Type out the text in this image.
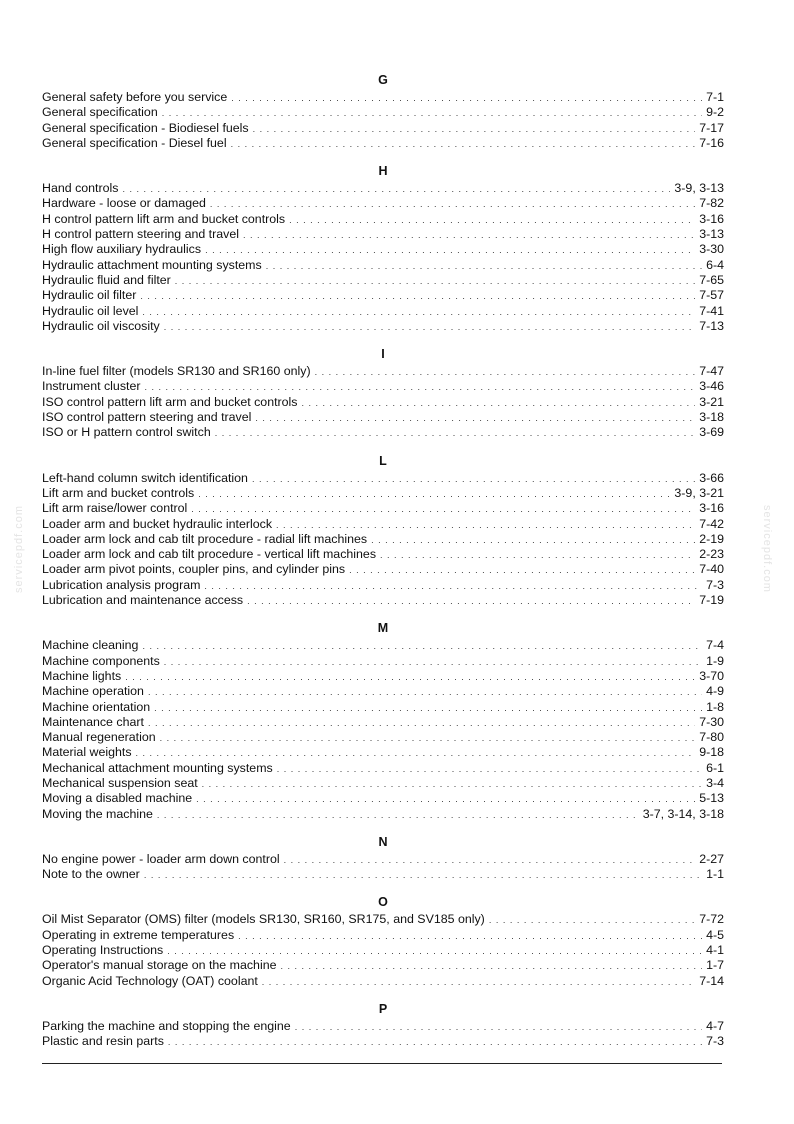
G
General safety before you service . . .	7-1
General specification . . .	9-2
General specification - Biodiesel fuels . . .	7-17
General specification - Diesel fuel . . .	7-16
H
Hand controls . . .	3-9, 3-13
Hardware - loose or damaged . . .	7-82
H control pattern lift arm and bucket controls . . .	3-16
H control pattern steering and travel . . .	3-13
High flow auxiliary hydraulics . . .	3-30
Hydraulic attachment mounting systems . . .	6-4
Hydraulic fluid and filter . . .	7-65
Hydraulic oil filter . . .	7-57
Hydraulic oil level . . .	7-41
Hydraulic oil viscosity . . .	7-13
I
In-line fuel filter (models SR130 and SR160 only) . . .	7-47
Instrument cluster . . .	3-46
ISO control pattern lift arm and bucket controls . . .	3-21
ISO control pattern steering and travel . . .	3-18
ISO or H pattern control switch . . .	3-69
L
Left-hand column switch identification . . .	3-66
Lift arm and bucket controls . . .	3-9, 3-21
Lift arm raise/lower control . . .	3-16
Loader arm and bucket hydraulic interlock . . .	7-42
Loader arm lock and cab tilt procedure - radial lift machines . . .	2-19
Loader arm lock and cab tilt procedure - vertical lift machines . . .	2-23
Loader arm pivot points, coupler pins, and cylinder pins . . .	7-40
Lubrication analysis program . . .	7-3
Lubrication and maintenance access . . .	7-19
M
Machine cleaning . . .	7-4
Machine components . . .	1-9
Machine lights . . .	3-70
Machine operation . . .	4-9
Machine orientation . . .	1-8
Maintenance chart . . .	7-30
Manual regeneration . . .	7-80
Material weights . . .	9-18
Mechanical attachment mounting systems . . .	6-1
Mechanical suspension seat . . .	3-4
Moving a disabled machine . . .	5-13
Moving the machine . . .	3-7, 3-14, 3-18
N
No engine power - loader arm down control . . .	2-27
Note to the owner . . .	1-1
O
Oil Mist Separator (OMS) filter (models SR130, SR160, SR175, and SV185 only) . . .	7-72
Operating in extreme temperatures . . .	4-5
Operating Instructions . . .	4-1
Operator's manual storage on the machine . . .	1-7
Organic Acid Technology (OAT) coolant . . .	7-14
P
Parking the machine and stopping the engine . . .	4-7
Plastic and resin parts . . .	7-3
servicepdf.com	servicepdf.com
